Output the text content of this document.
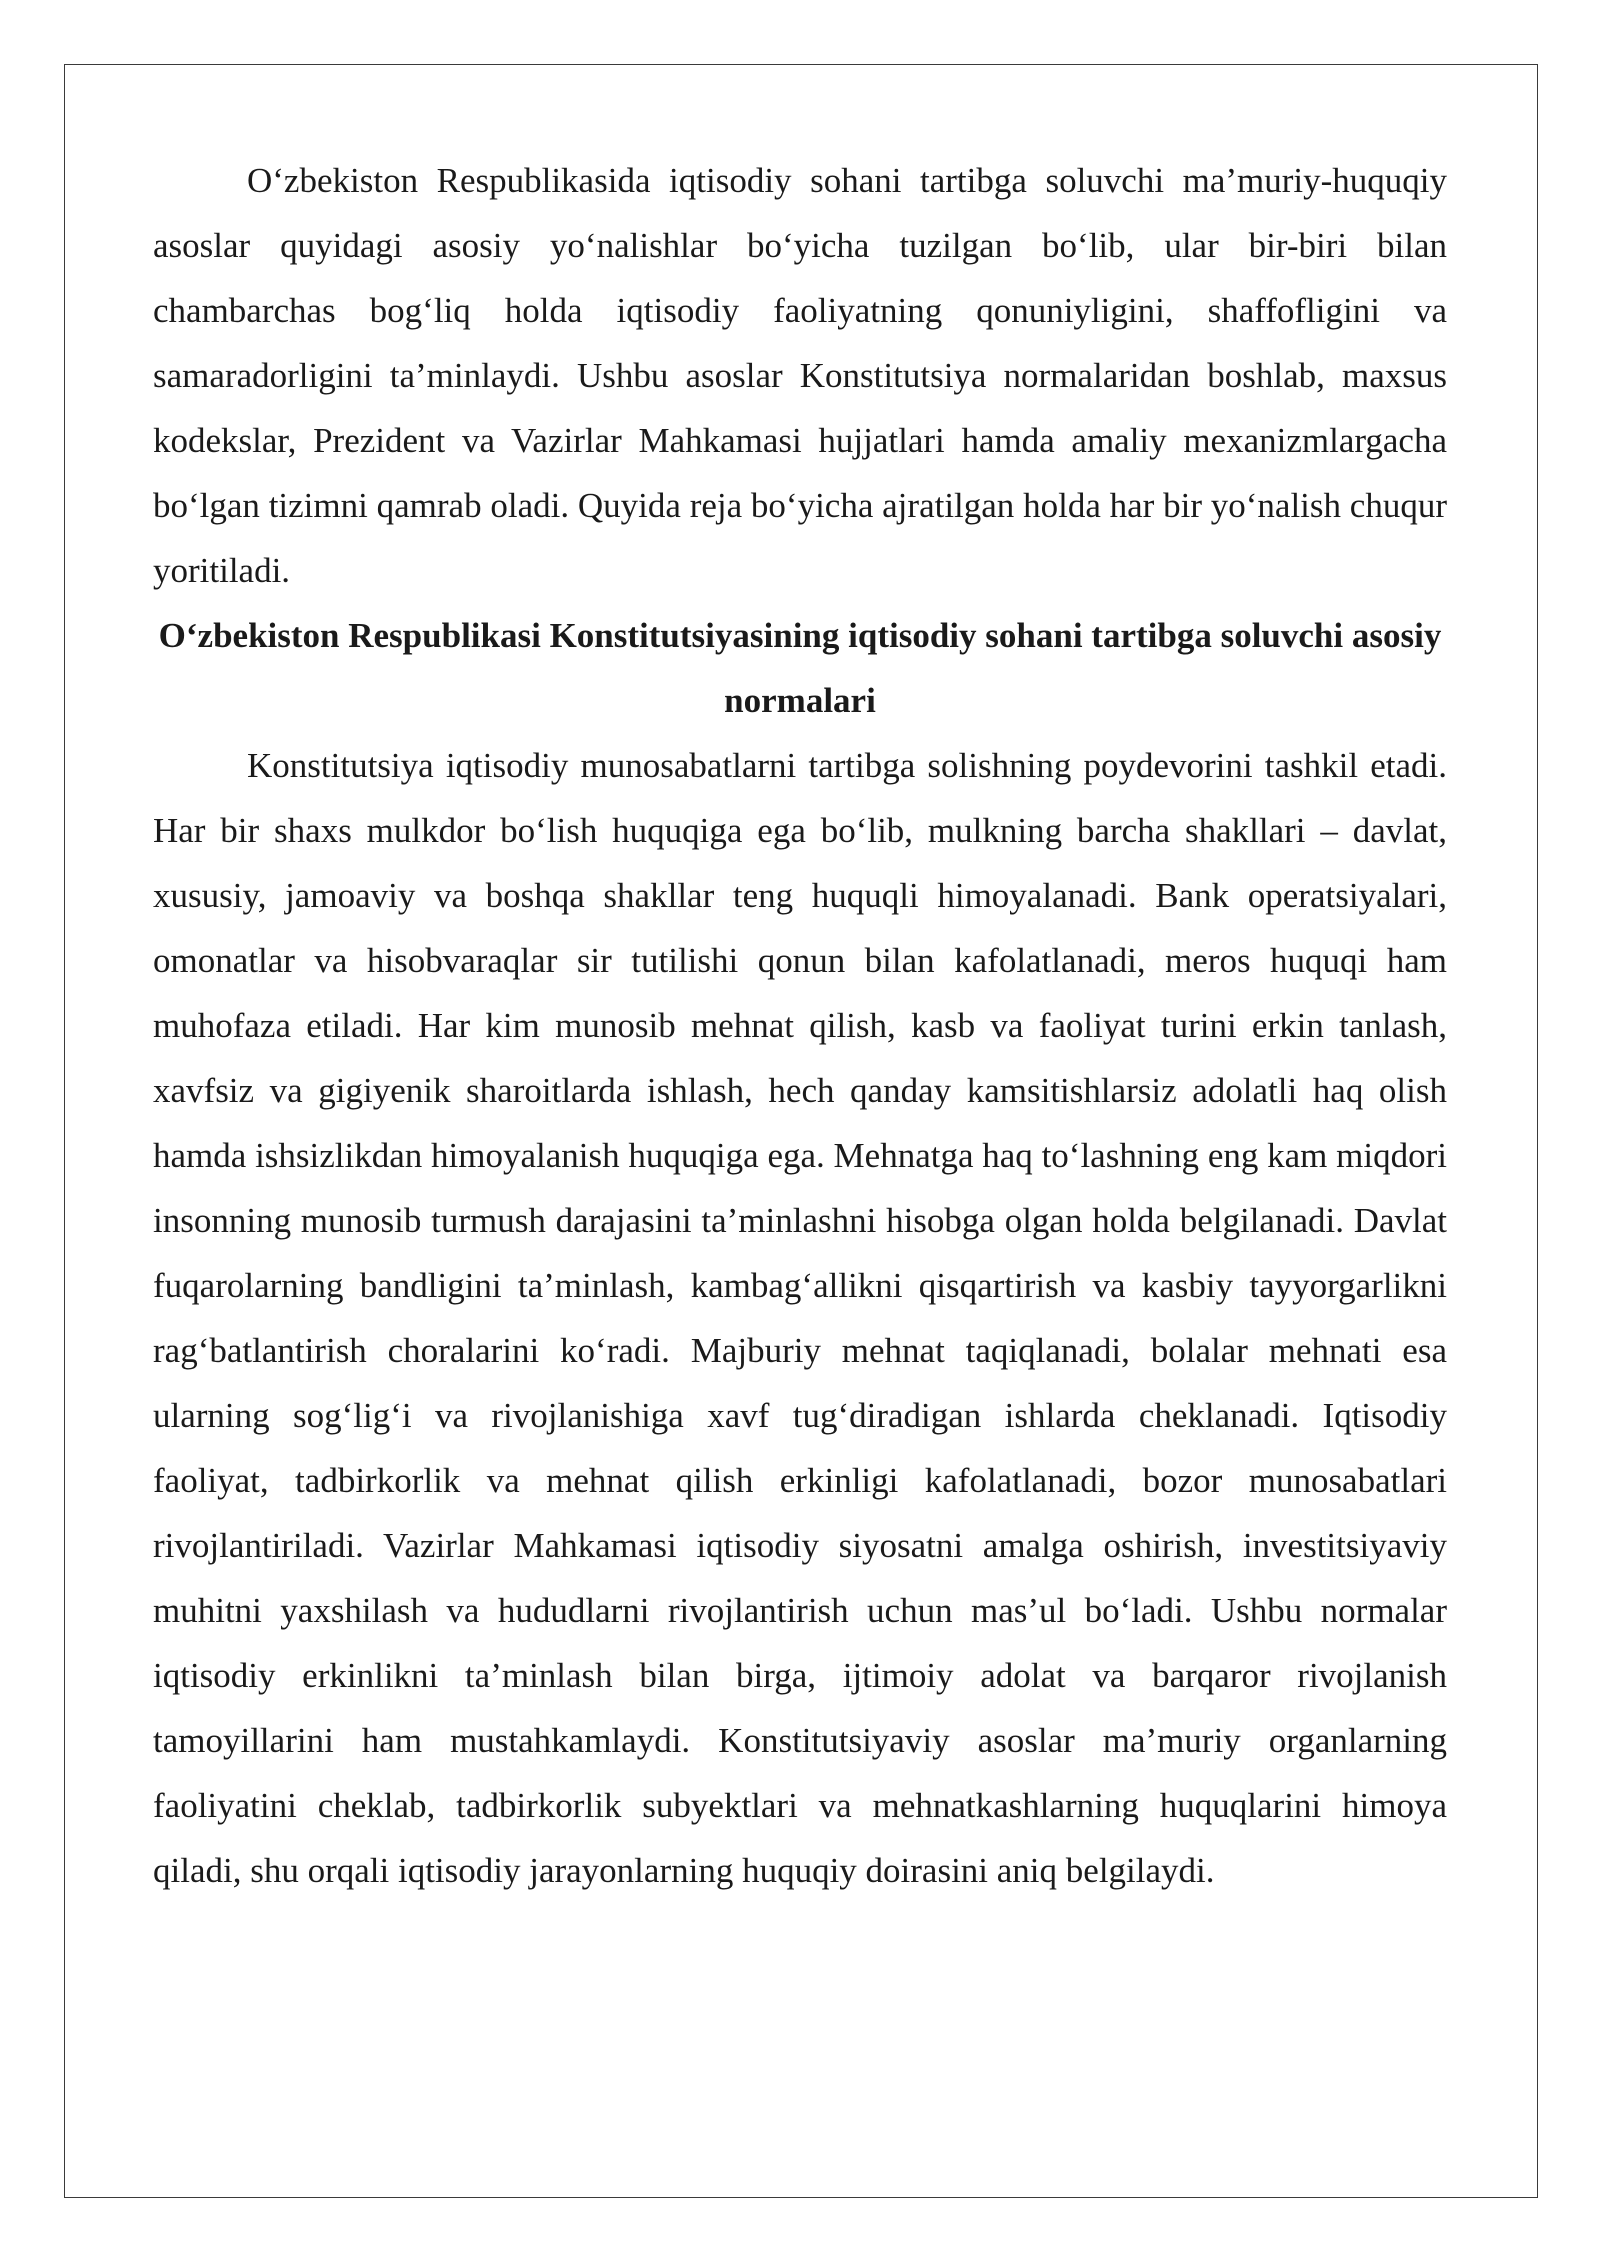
O‘zbekiston Respublikasida iqtisodiy sohani tartibga soluvchi ma’muriy-huquqiy asoslar quyidagi asosiy yo‘nalishlar bo‘yicha tuzilgan bo‘lib, ular bir-biri bilan chambarchas bog‘liq holda iqtisodiy faoliyatning qonuniyligini, shaffofligini va samaradorligini ta’minlaydi. Ushbu asoslar Konstitutsiya normalaridan boshlab, maxsus kodekslar, Prezident va Vazirlar Mahkamasi hujjatlari hamda amaliy mexanizmlargacha bo‘lgan tizimni qamrab oladi. Quyida reja bo‘yicha ajratilgan holda har bir yo‘nalish chuqur yoritiladi.

O‘zbekiston Respublikasi Konstitutsiyasining iqtisodiy sohani tartibga soluvchi asosiy normalari

Konstitutsiya iqtisodiy munosabatlarni tartibga solishning poydevorini tashkil etadi. Har bir shaxs mulkdor bo‘lish huquqiga ega bo‘lib, mulkning barcha shakllari – davlat, xususiy, jamoaviy va boshqa shakllar teng huquqli himoyalanadi. Bank operatsiyalari, omonatlar va hisobvaraqlar sir tutilishi qonun bilan kafolatlanadi, meros huquqi ham muhofaza etiladi. Har kim munosib mehnat qilish, kasb va faoliyat turini erkin tanlash, xavfsiz va gigiyenik sharoitlarda ishlash, hech qanday kamsitishlarsiz adolatli haq olish hamda ishsizlikdan himoyalanish huquqiga ega. Mehnatga haq to‘lashning eng kam miqdori insonning munosib turmush darajasini ta’minlashni hisobga olgan holda belgilanadi. Davlat fuqarolarning bandligini ta’minlash, kambag‘allikni qisqartirish va kasbiy tayyorgarlikni rag‘batlantirish choralarini ko‘radi. Majburiy mehnat taqiqlanadi, bolalar mehnati esa ularning sog‘lig‘i va rivojlanishiga xavf tug‘diradigan ishlarda cheklanadi. Iqtisodiy faoliyat, tadbirkorlik va mehnat qilish erkinligi kafolatlanadi, bozor munosabatlari rivojlantiriladi. Vazirlar Mahkamasi iqtisodiy siyosatni amalga oshirish, investitsiyaviy muhitni yaxshilash va hududlarni rivojlantirish uchun mas’ul bo‘ladi. Ushbu normalar iqtisodiy erkinlikni ta’minlash bilan birga, ijtimoiy adolat va barqaror rivojlanish tamoyillarini ham mustahkamlaydi. Konstitutsiyaviy asoslar ma’muriy organlarning faoliyatini cheklab, tadbirkorlik subyektlari va mehnatkashlarning huquqlarini himoya qiladi, shu orqali iqtisodiy jarayonlarning huquqiy doirasini aniq belgilaydi.
